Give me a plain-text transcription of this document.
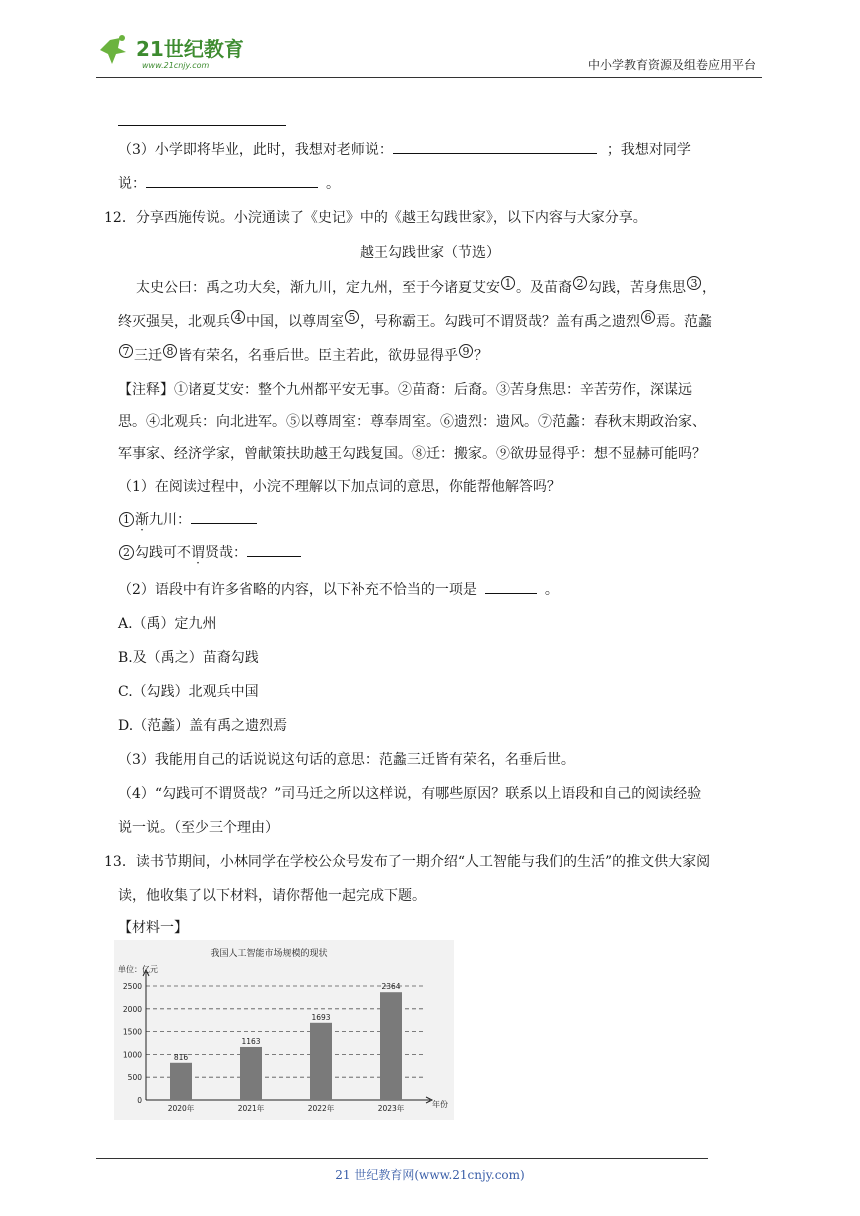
21世纪教育
www.21cnjy.com	中小学教育资源及组卷应用平台
（3）小学即将毕业，此时，我想对老师说：	；我想对同学
说：	。
12．分享西施传说。小浣通读了《史记》中的《越王勾践世家》，以下内容与大家分享。
越王勾践世家（节选）
太史公曰：禹之功大矣，渐九川，定九州，至于今诸夏艾安 1 。及苗裔 2 勾践，苦身焦思 3 ，
终灭强吴，北观兵 4 中国，以尊周室 5 ，号称霸王。勾践可不谓贤哉？盖有禹之遗烈 6 焉。范蠡
7 三迁 8 皆有荣名，名垂后世。臣主若此，欲毋显得乎 9 ？
【注释】①诸夏艾安：整个九州都平安无事。②苗裔：后裔。③苦身焦思：辛苦劳作，深谋远
思。④北观兵：向北进军。⑤以尊周室：尊奉周室。⑥遗烈：遗风。⑦范蠡：春秋末期政治家、
军事家、经济学家，曾献策扶助越王勾践复国。⑧迁：搬家。⑨欲毋显得乎：想不显赫可能吗？
（1）在阅读过程中，小浣不理解以下加点词的意思，你能帮他解答吗？
1 渐九川：
2 勾践可不谓贤哉：
（2）语段中有许多省略的内容，以下补充不恰当的一项是	。
A.（禹）定九州
B.及（禹之）苗裔勾践
C.（勾践）北观兵中国
D.（范蠡）盖有禹之遗烈焉
（3）我能用自己的话说说这句话的意思：范蠡三迁皆有荣名，名垂后世。
（4）“勾践可不谓贤哉？”司马迁之所以这样说，有哪些原因？联系以上语段和自己的阅读经验
说一说。（至少三个理由）
13．读书节期间，小林同学在学校公众号发布了一期介绍“人工智能与我们的生活”的推文供大家阅
读，他收集了以下材料，请你帮他一起完成下题。
【材料一】
我国人工智能市场规模的现状
单位：亿元
年份
0
500
1000
1500
2000
2500
816
2020年
1163
2021年
1693
2022年
2364
2023年
21 世纪教育网(www.21cnjy.com)
